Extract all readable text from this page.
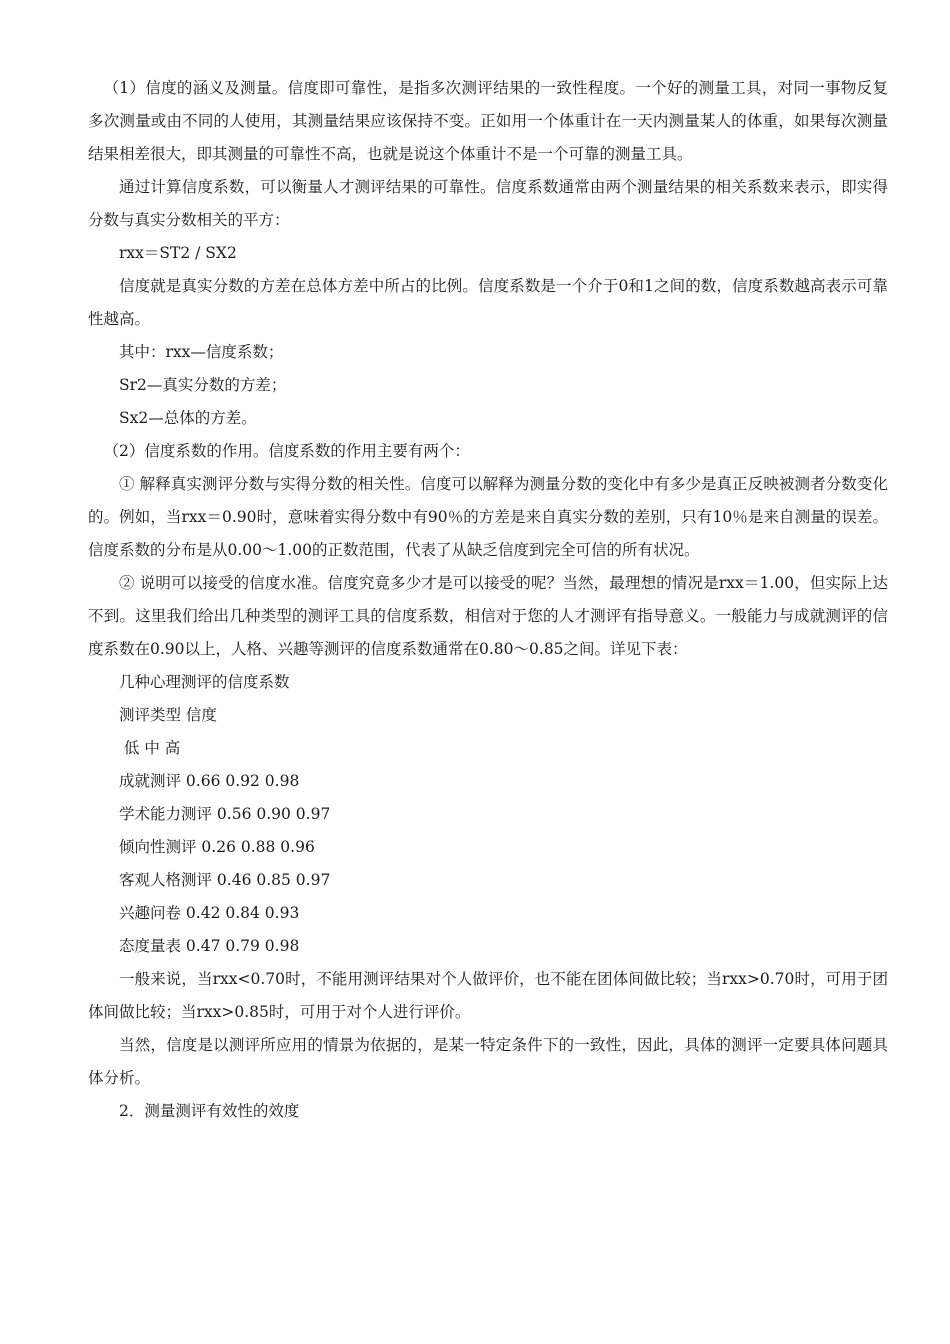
（1）信度的涵义及测量。信度即可靠性，是指多次测评结果的一致性程度。一个好的测量工具，对同一事物反复多次测量或由不同的人使用，其测量结果应该保持不变。正如用一个体重计在一天内测量某人的体重，如果每次测量结果相差很大，即其测量的可靠性不高，也就是说这个体重计不是一个可靠的测量工具。

通过计算信度系数，可以衡量人才测评结果的可靠性。信度系数通常由两个测量结果的相关系数来表示，即实得分数与真实分数相关的平方：

rxx＝ST2 / SX2

信度就是真实分数的方差在总体方差中所占的比例。信度系数是一个介于0和1之间的数，信度系数越高表示可靠性越高。

其中：rxx—信度系数；

Sr2—真实分数的方差；

Sx2—总体的方差。

（2）信度系数的作用。信度系数的作用主要有两个：

① 解释真实测评分数与实得分数的相关性。信度可以解释为测量分数的变化中有多少是真正反映被测者分数变化的。例如，当rxx＝0.90时，意味着实得分数中有90％的方差是来自真实分数的差别，只有10％是来自测量的误差。信度系数的分布是从0.00～1.00的正数范围，代表了从缺乏信度到完全可信的所有状况。

② 说明可以接受的信度水准。信度究竟多少才是可以接受的呢？当然，最理想的情况是rxx＝1.00，但实际上达不到。这里我们给出几种类型的测评工具的信度系数，相信对于您的人才测评有指导意义。一般能力与成就测评的信度系数在0.90以上，人格、兴趣等测评的信度系数通常在0.80～0.85之间。详见下表：

几种心理测评的信度系数

测评类型 信度

低 中 高

成就测评 0.66 0.92 0.98

学术能力测评 0.56 0.90 0.97

倾向性测评 0.26 0.88 0.96

客观人格测评 0.46 0.85 0.97

兴趣问卷 0.42 0.84 0.93

态度量表 0.47 0.79 0.98

一般来说，当rxx<0.70时，不能用测评结果对个人做评价，也不能在团体间做比较；当rxx>0.70时，可用于团体间做比较；当rxx>0.85时，可用于对个人进行评价。

当然，信度是以测评所应用的情景为依据的，是某一特定条件下的一致性，因此，具体的测评一定要具体问题具体分析。

2．测量测评有效性的效度
